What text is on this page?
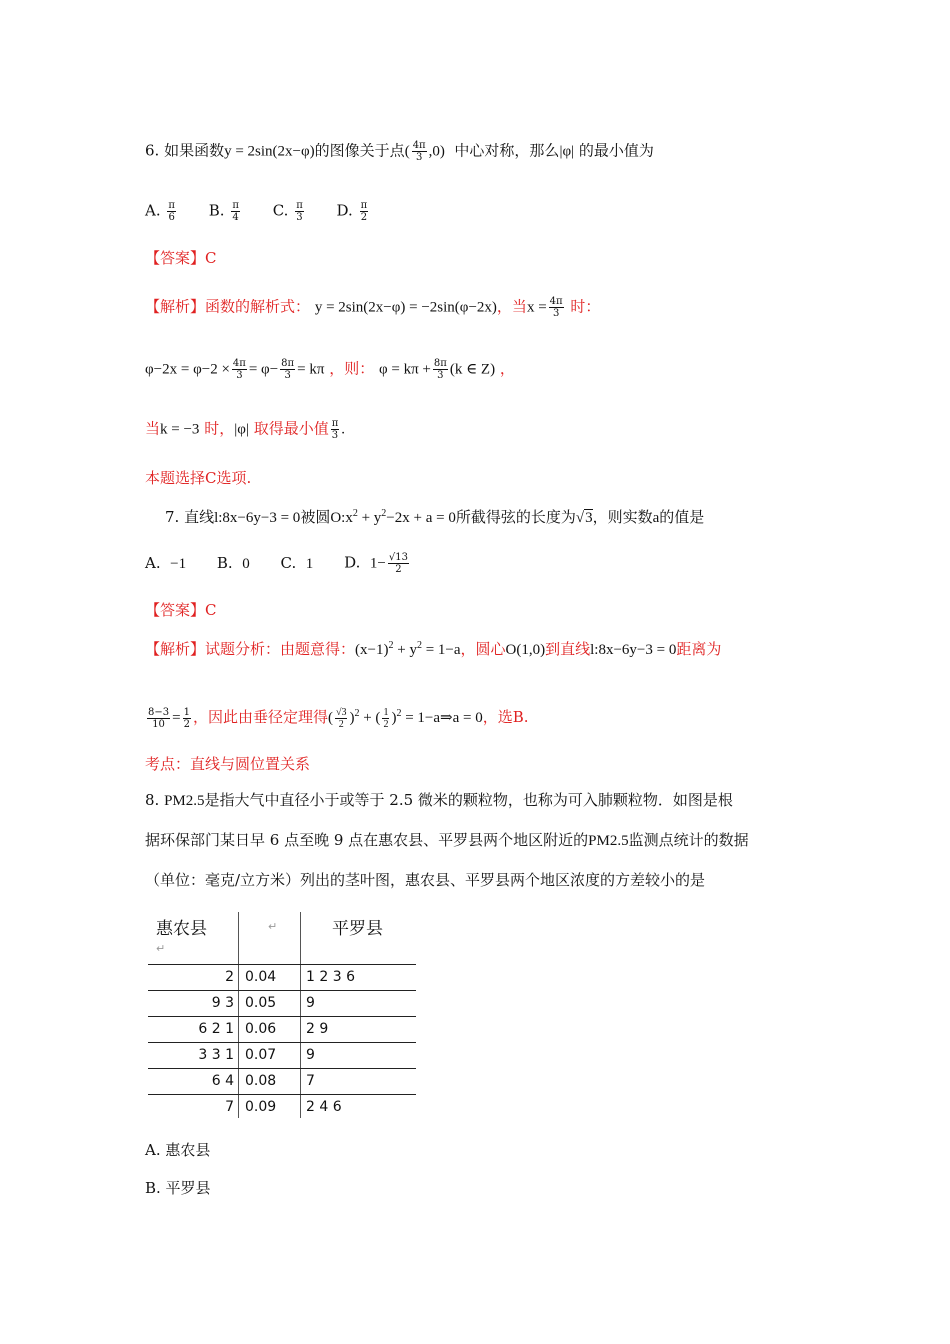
6. 如果函数y = 2sin(2x−φ)的图像关于点( $\frac{4\pi}{3} ,0$) 中心对称，那么|φ| 的最小值为
A. $\frac{\pi}{6} B$. $\frac{\pi}{4} C$. $\frac{\pi}{3} D$. $\frac{\pi}{2}$
【答案】C
【解析】函数的解析式： y = 2sin(2x−φ) = −2sin(φ−2x)，当$x = \frac{4\pi}{3}$ 时：
$\varphi-2x = \varphi-2 \times \frac{4\pi}{3} = \varphi- \frac{8\pi}{3} = k\pi$ ，则： $\varphi = k\pi + \frac{8\pi}{3} (k$ ∈ Z) ，
当k = −3 时，|φ| 取得最小值 $\frac{\pi}{3}$ .
本题选择C选项.
7. 直线l:8x−6y−3 = 0被圆$O:x^2 + y^2-2x + a = 0$所截得弦的长度为√3，则实数a的值是
A. −1 B. 0 C. 1 D. $1- \frac{√13}{2}$
【答案】C
【解析】试题分析：由题意得：$(x-1)^2 + y^2 = 1-a$，圆心O(1,0)到直线l:8x−6y−3 = 0距离为
$\frac{8-3}{10} = \frac{1}{2}$ ，因此由垂径定理得( $\frac{√3}{2} )^2$ + ( $\frac{1}{2} )^2$ = 1−a⇒a = 0，选B.
考点：直线与圆位置关系
8. PM2.5是指大气中直径小于或等于 2.5 微米的颗粒物，也称为可入肺颗粒物．如图是根
据环保部门某日早 6 点至晚 9 点在惠农县、平罗县两个地区附近的PM2.5监测点统计的数据
（单位：毫克/立方米）列出的茎叶图，惠农县、平罗县两个地区浓度的方差较小的是
惠农县	平罗县
↵
↵
2 0.04 1 2 3 6
9 3 0.05 9
6 2 1 0.06 2 9
3 3 1 0.07 9
6 4 0.08 7
7 0.09 2 4 6
A. 惠农县
B. 平罗县
